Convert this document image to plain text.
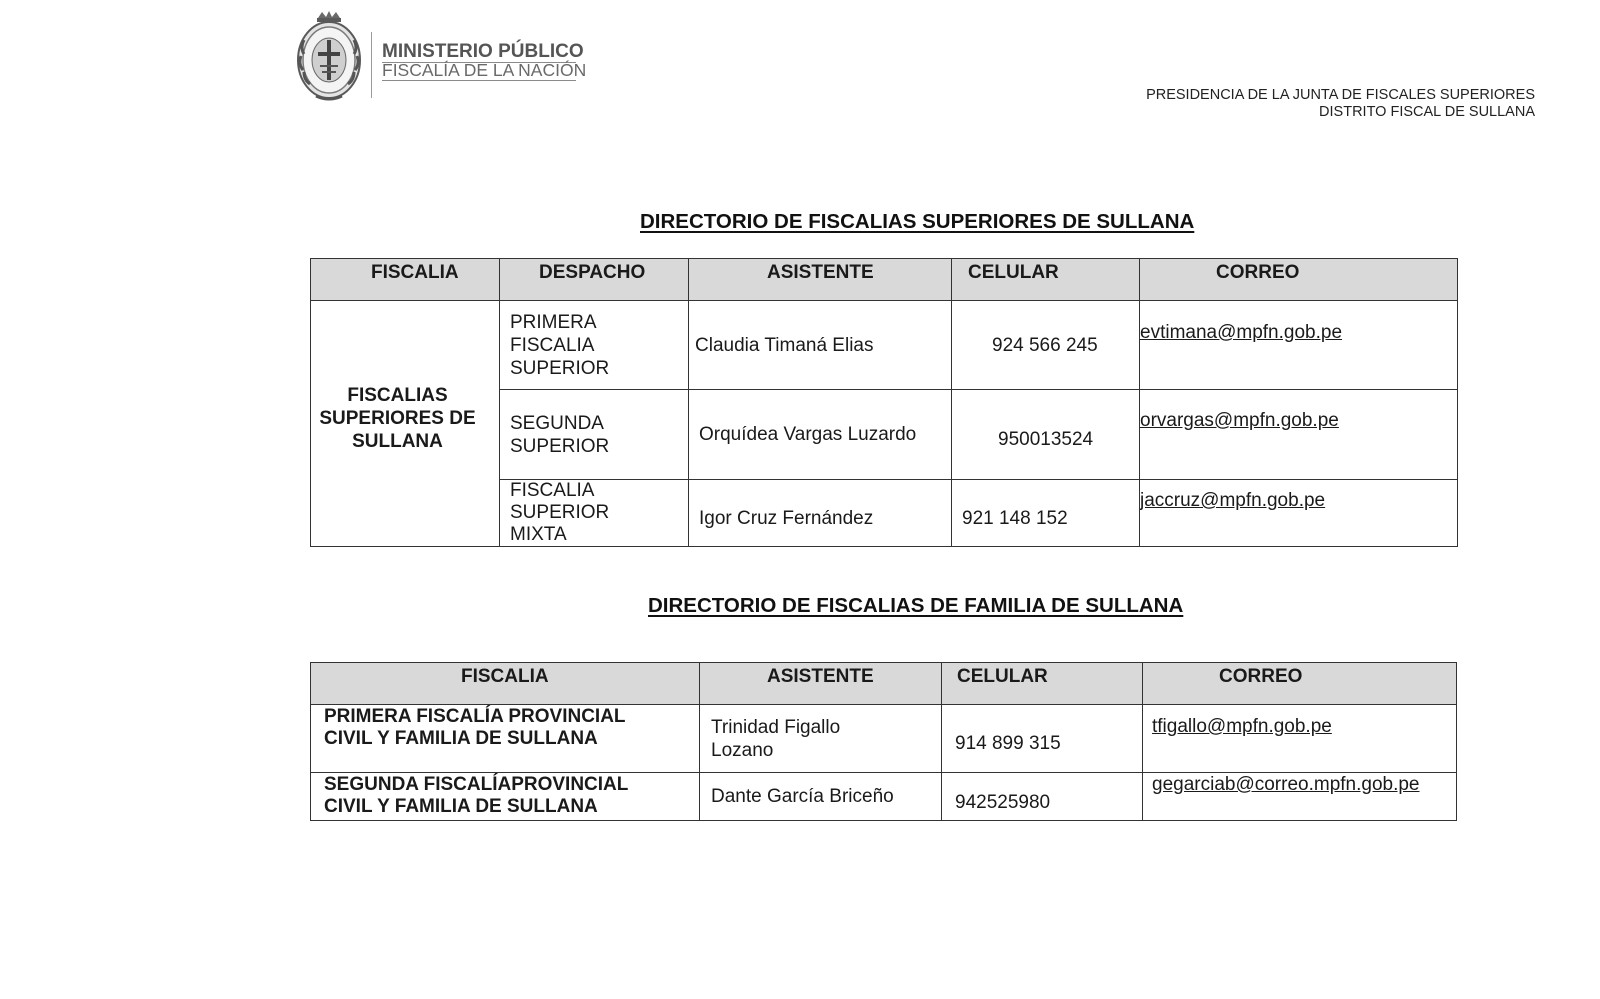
MINISTERIO PÚBLICO
FISCALÍA DE LA NACIÓN
PRESIDENCIA DE LA JUNTA DE FISCALES SUPERIORES
DISTRITO FISCAL DE SULLANA
DIRECTORIO DE FISCALIAS SUPERIORES DE SULLANA
FISCALIA	DESPACHO	ASISTENTE	CELULAR	CORREO

FISCALIAS
SUPERIORES DE
SULLANA	PRIMERA
FISCALIA
SUPERIOR	Claudia Timaná Elias	924 566 245	evtimana@mpfn.gob.pe

	SEGUNDA
SUPERIOR	Orquídea Vargas Luzardo	950013524	orvargas@mpfn.gob.pe

	FISCALIA
SUPERIOR
MIXTA	Igor Cruz Fernández	921 148 152	jaccruz@mpfn.gob.pe
DIRECTORIO DE FISCALIAS DE FAMILIA DE SULLANA
FISCALIA	ASISTENTE	CELULAR	CORREO

PRIMERA FISCALÍA PROVINCIAL
CIVIL Y FAMILIA DE SULLANA	Trinidad Figallo
Lozano	914 899 315	tfigallo@mpfn.gob.pe

SEGUNDA FISCALÍAPROVINCIAL
CIVIL Y FAMILIA DE SULLANA	Dante García Briceño	942525980	gegarciab@correo.mpfn.gob.pe
